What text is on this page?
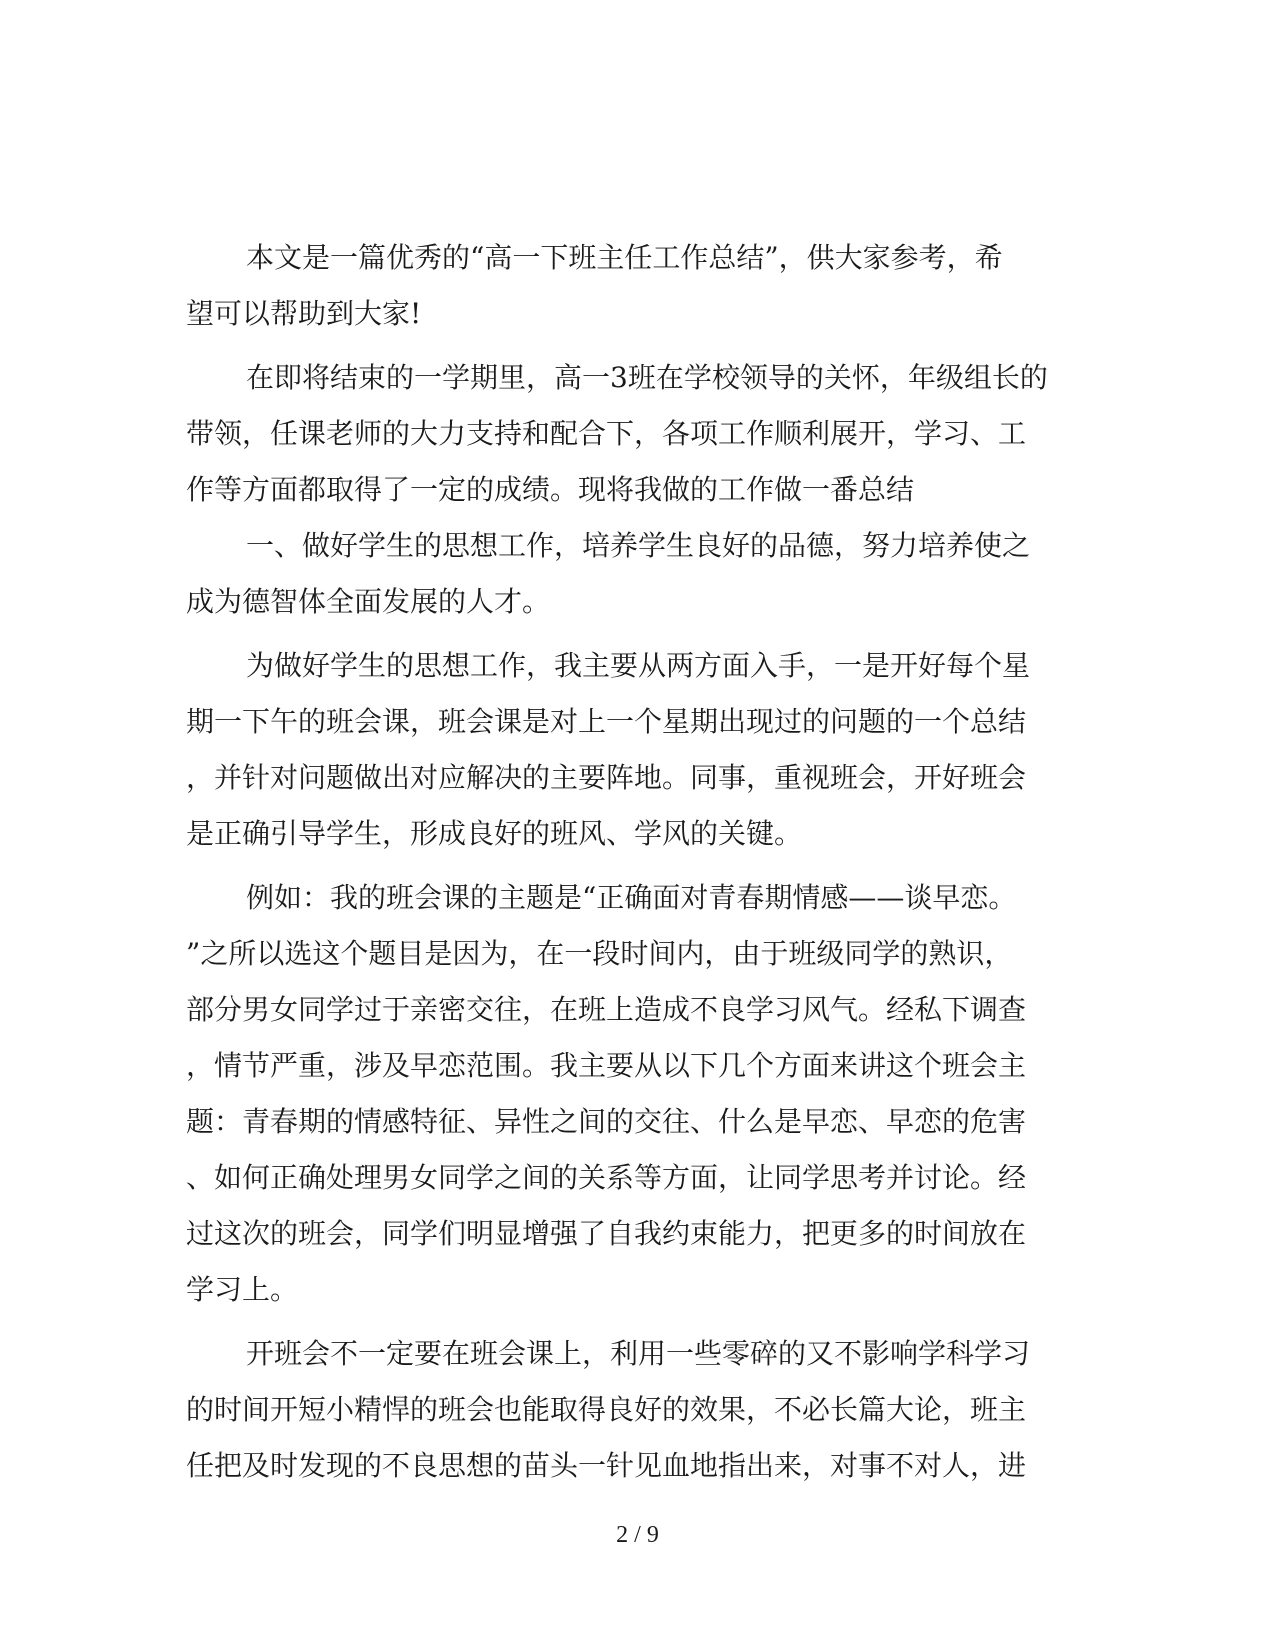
本文是一篇优秀的“高一下班主任工作总结”，供大家参考，希
望可以帮助到大家!
在即将结束的一学期里，高一3班在学校领导的关怀，年级组长的
带领，任课老师的大力支持和配合下，各项工作顺利展开，学习、工
作等方面都取得了一定的成绩。现将我做的工作做一番总结
一、做好学生的思想工作，培养学生良好的品德，努力培养使之
成为德智体全面发展的人才。
为做好学生的思想工作，我主要从两方面入手，一是开好每个星
期一下午的班会课，班会课是对上一个星期出现过的问题的一个总结
，并针对问题做出对应解决的主要阵地。同事，重视班会，开好班会
是正确引导学生，形成良好的班风、学风的关键。
例如：我的班会课的主题是“正确面对青春期情感——谈早恋。
”之所以选这个题目是因为，在一段时间内，由于班级同学的熟识，
部分男女同学过于亲密交往，在班上造成不良学习风气。经私下调查
，情节严重，涉及早恋范围。我主要从以下几个方面来讲这个班会主
题：青春期的情感特征、异性之间的交往、什么是早恋、早恋的危害
、如何正确处理男女同学之间的关系等方面，让同学思考并讨论。经
过这次的班会，同学们明显增强了自我约束能力，把更多的时间放在
学习上。
开班会不一定要在班会课上，利用一些零碎的又不影响学科学习
的时间开短小精悍的班会也能取得良好的效果，不必长篇大论，班主
任把及时发现的不良思想的苗头一针见血地指出来，对事不对人，进
2 / 9
